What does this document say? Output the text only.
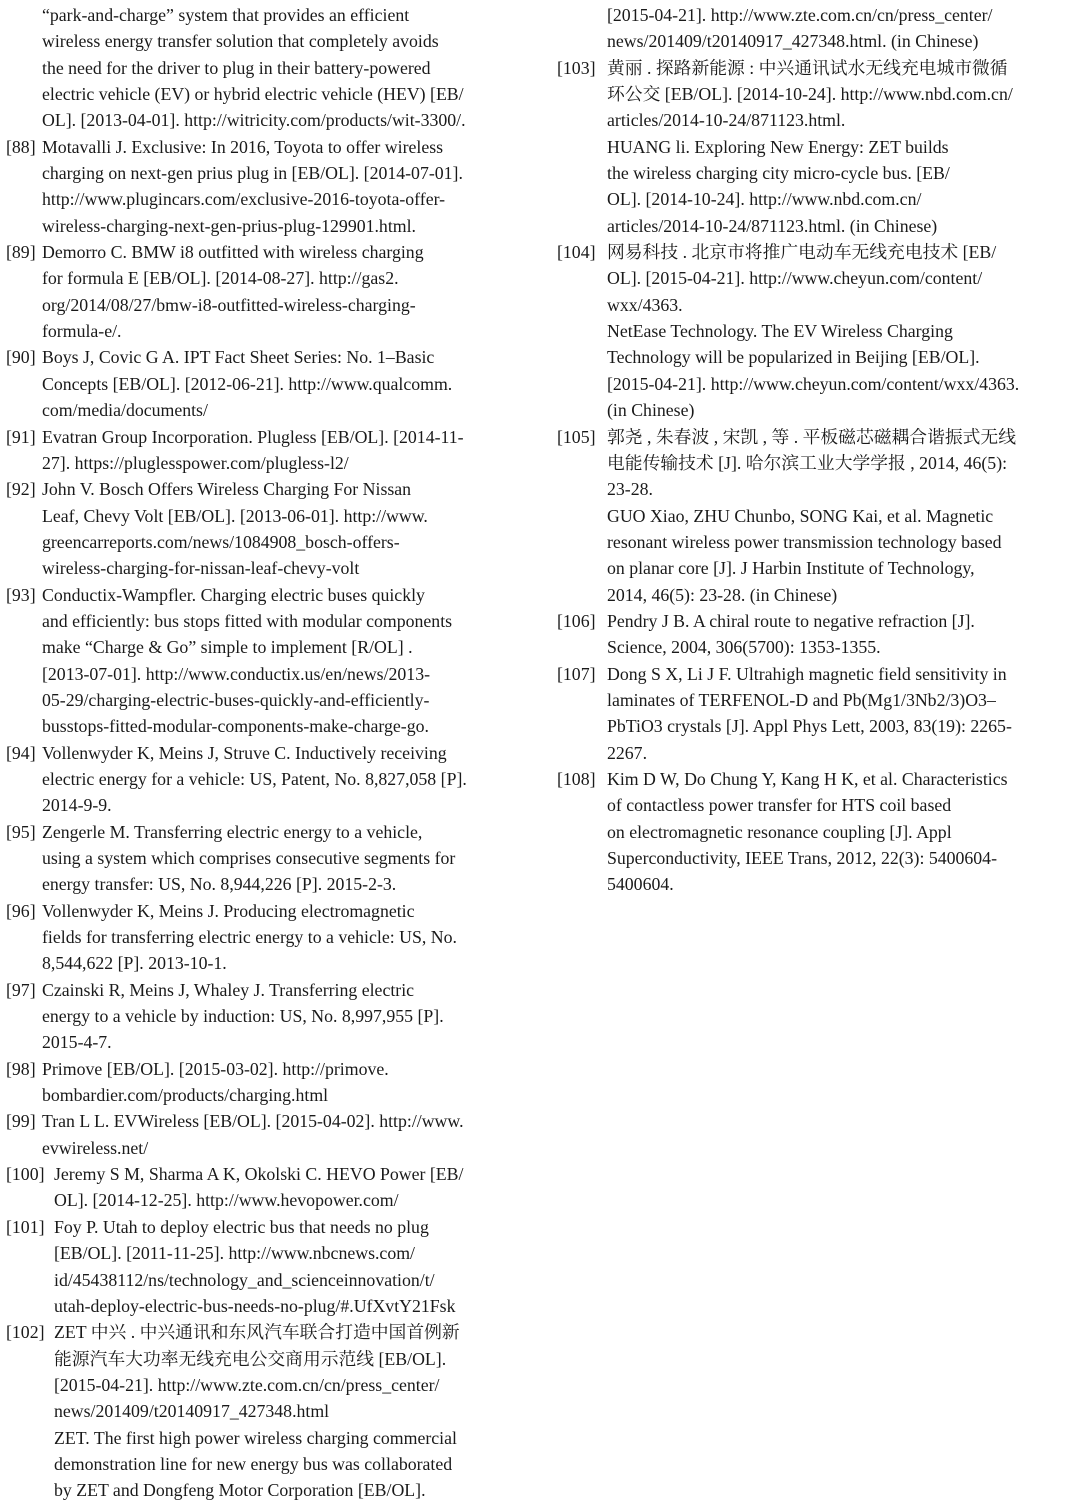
“park-and-charge” system that provides an efficient
wireless energy transfer solution that completely avoids
the need for the driver to plug in their battery-powered
electric vehicle (EV) or hybrid electric vehicle (HEV) [EB/
OL]. [2013-04-01]. http://witricity.com/products/wit-3300/.
[88] Motavalli J. Exclusive: In 2016, Toyota to offer wireless
charging on next-gen prius plug in [EB/OL]. [2014-07-01].
http://www.plugincars.com/exclusive-2016-toyota-offer-
wireless-charging-next-gen-prius-plug-129901.html.
[89] Demorro C. BMW i8 outfitted with wireless charging
for formula E [EB/OL]. [2014-08-27]. http://gas2.
org/2014/08/27/bmw-i8-outfitted-wireless-charging-
formula-e/.
[90] Boys J, Covic G A. IPT Fact Sheet Series: No. 1–Basic
Concepts [EB/OL]. [2012-06-21]. http://www.qualcomm.
com/media/documents/
[91] Evatran Group Incorporation. Plugless [EB/OL]. [2014-11-
27]. https://pluglesspower.com/plugless-l2/
[92] John V. Bosch Offers Wireless Charging For Nissan
Leaf, Chevy Volt [EB/OL]. [2013-06-01]. http://www.
greencarreports.com/news/1084908_bosch-offers-
wireless-charging-for-nissan-leaf-chevy-volt
[93] Conductix-Wampfler. Charging electric buses quickly
and efficiently: bus stops fitted with modular components
make “Charge & Go” simple to implement [R/OL] .
[2013-07-01]. http://www.conductix.us/en/news/2013-
05-29/charging-electric-buses-quickly-and-efficiently-
busstops-fitted-modular-components-make-charge-go.
[94] Vollenwyder K, Meins J, Struve C. Inductively receiving
electric energy for a vehicle: US, Patent, No. 8,827,058 [P].
2014-9-9.
[95] Zengerle M. Transferring electric energy to a vehicle,
using a system which comprises consecutive segments for
energy transfer: US, No. 8,944,226 [P]. 2015-2-3.
[96] Vollenwyder K, Meins J. Producing electromagnetic
fields for transferring electric energy to a vehicle: US, No.
8,544,622 [P]. 2013-10-1.
[97] Czainski R, Meins J, Whaley J. Transferring electric
energy to a vehicle by induction: US, No. 8,997,955 [P].
2015-4-7.
[98] Primove [EB/OL]. [2015-03-02]. http://primove.
bombardier.com/products/charging.html
[99] Tran L L. EVWireless [EB/OL]. [2015-04-02]. http://www.
evwireless.net/
[100] Jeremy S M, Sharma A K, Okolski C. HEVO Power [EB/
OL]. [2014-12-25]. http://www.hevopower.com/
[101] Foy P. Utah to deploy electric bus that needs no plug
[EB/OL]. [2011-11-25]. http://www.nbcnews.com/
id/45438112/ns/technology_and_scienceinnovation/t/
utah-deploy-electric-bus-needs-no-plug/#.UfXvtY21Fsk
[102] ZET 中兴 . 中兴通讯和东风汽车联合打造中国首例新
能源汽车大功率无线充电公交商用示范线 [EB/OL].
[2015-04-21]. http://www.zte.com.cn/cn/press_center/
news/201409/t20140917_427348.html
ZET. The first high power wireless charging commercial
demonstration line for new energy bus was collaborated
by ZET and Dongfeng Motor Corporation [EB/OL].
[2015-04-21]. http://www.zte.com.cn/cn/press_center/
news/201409/t20140917_427348.html. (in Chinese)
[103] 黄丽 . 探路新能源 : 中兴通讯试水无线充电城市微循
环公交 [EB/OL]. [2014-10-24]. http://www.nbd.com.cn/
articles/2014-10-24/871123.html.
HUANG li. Exploring New Energy: ZET builds
the wireless charging city micro-cycle bus. [EB/
OL]. [2014-10-24]. http://www.nbd.com.cn/
articles/2014-10-24/871123.html. (in Chinese)
[104] 网易科技 . 北京市将推广电动车无线充电技术 [EB/
OL]. [2015-04-21]. http://www.cheyun.com/content/
wxx/4363.
NetEase Technology. The EV Wireless Charging
Technology will be popularized in Beijing [EB/OL].
[2015-04-21]. http://www.cheyun.com/content/wxx/4363.
(in Chinese)
[105] 郭尧 , 朱春波 , 宋凯 , 等 . 平板磁芯磁耦合谐振式无线
电能传输技术 [J]. 哈尔滨工业大学学报 , 2014, 46(5):
23-28.
GUO Xiao, ZHU Chunbo, SONG Kai, et al. Magnetic
resonant wireless power transmission technology based
on planar core [J]. J Harbin Institute of Technology,
2014, 46(5): 23-28. (in Chinese)
[106] Pendry J B. A chiral route to negative refraction [J].
Science, 2004, 306(5700): 1353-1355.
[107] Dong S X, Li J F. Ultrahigh magnetic field sensitivity in
laminates of TERFENOL-D and Pb(Mg1/3Nb2/3)O3–
PbTiO3 crystals [J]. Appl Phys Lett, 2003, 83(19): 2265-
2267.
[108] Kim D W, Do Chung Y, Kang H K, et al. Characteristics
of contactless power transfer for HTS coil based
on electromagnetic resonance coupling [J]. Appl
Superconductivity, IEEE Trans, 2012, 22(3): 5400604-
5400604.
